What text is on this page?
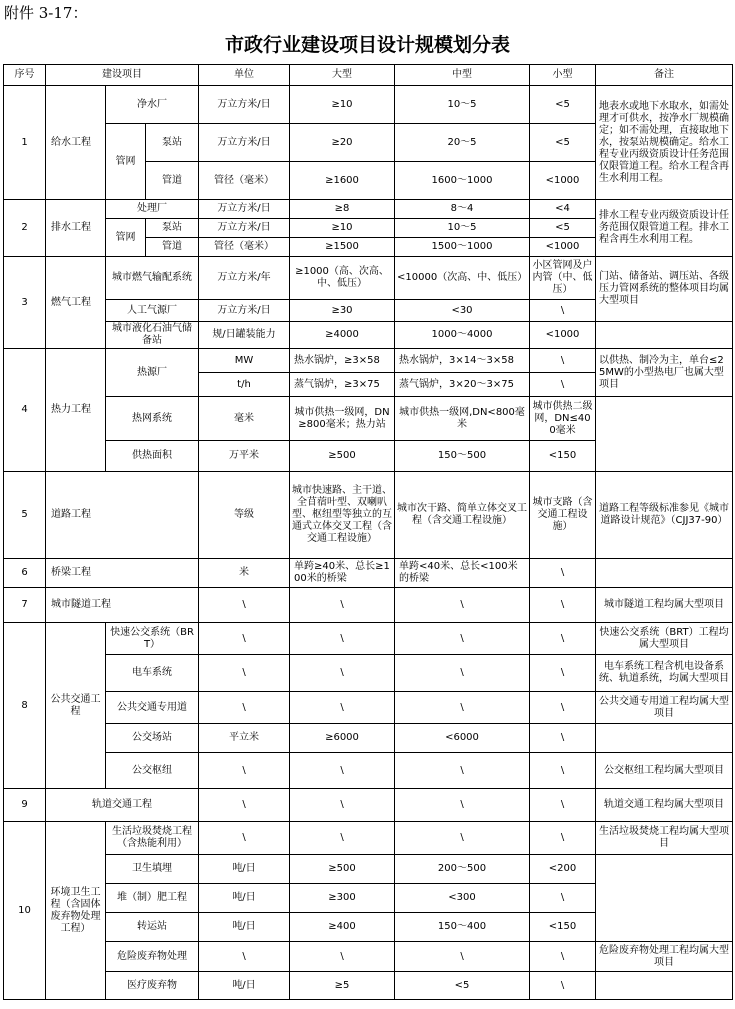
附件 3-17：
市政行业建设项目设计规模划分表
序号	建设项目			单位	大型	中型	小型	备注
1	给水工程	净水厂		万立方米/日	≥10	10～5	<5	地表水或地下水取水，如需处理才可供水，按净水厂规模确定；如不需处理，直接取地下水，按泵站规模确定。给水工程专业丙级资质设计任务范围仅限管道工程。给水工程含再生水利用工程。
		管网	泵站	万立方米/日	≥20	20～5	<5	
			管道	管径（毫米）	≥1600	1600～1000	<1000	
2	排水工程	处理厂		万立方米/日	≥8	8～4	<4	排水工程专业丙级资质设计任务范围仅限管道工程。排水工程含再生水利用工程。
		管网	泵站	万立方米/日	≥10	10～5	<5	
			管道	管径（毫米）	≥1500	1500～1000	<1000	
3	燃气工程	城市燃气输配系统		万立方米/年	≥1000（高、次高、中、低压）	<10000（次高、中、低压）	小区管网及户内管（中、低压）	门站、储备站、调压站、各级压力管网系统的整体项目均属大型项目
		人工气源厂		万立方米/日	≥30	<30	\	
		城市液化石油气储备站		规/日罐装能力	≥4000	1000～4000	<1000	
4	热力工程	热源厂		MW	热水锅炉，≥3×58	热水锅炉，3×14～3×58	\	以供热、制冷为主，单台≤25MW的小型热电厂也属大型项目
				t/h	蒸气锅炉，≥3×75	蒸气锅炉，3×20～3×75	\	
		热网系统		毫米	城市供热一级网，DN≥800毫米；热力站	城市供热一级网,DN<800毫米	城市供热二级网，DN≤400毫米	
		供热面积		万平米	≥500	150～500	<150	
5	道路工程			等级	城市快速路、主干道、全苜蓿叶型、双喇叭型、枢纽型等独立的互通式立体交叉工程（含交通工程设施）	城市次干路、简单立体交叉工程（含交通工程设施）	城市支路（含交通工程设施）	道路工程等级标准参见《城市道路设计规范》（CJJ37-90）
6	桥梁工程			米	单跨≥40米、总长≥100米的桥梁	单跨<40米、总长<100米的桥梁	\	
7	城市隧道工程			\	\	\	\	城市隧道工程均属大型项目
8	公共交通工程	快速公交系统（BRT）		\	\	\	\	快速公交系统（BRT）工程均属大型项目
		电车系统		\	\	\	\	电车系统工程含机电设备系统、轨道系统，均属大型项目
		公共交通专用道		\	\	\	\	公共交通专用道工程均属大型项目
		公交场站		平立米	≥6000	<6000	\	
		公交枢纽		\	\	\	\	公交枢纽工程均属大型项目
9	轨道交通工程			\	\	\	\	轨道交通工程均属大型项目
10	环境卫生工程（含固体废弃物处理工程）	生活垃圾焚烧工程（含热能利用）		\	\	\	\	生活垃圾焚烧工程均属大型项目
		卫生填埋		吨/日	≥500	200～500	<200	
		堆（制）肥工程		吨/日	≥300	<300	\	
		转运站		吨/日	≥400	150～400	<150	
		危险废弃物处理		\	\	\	\	危险废弃物处理工程均属大型项目
		医疗废弃物		吨/日	≥5	<5	\	
